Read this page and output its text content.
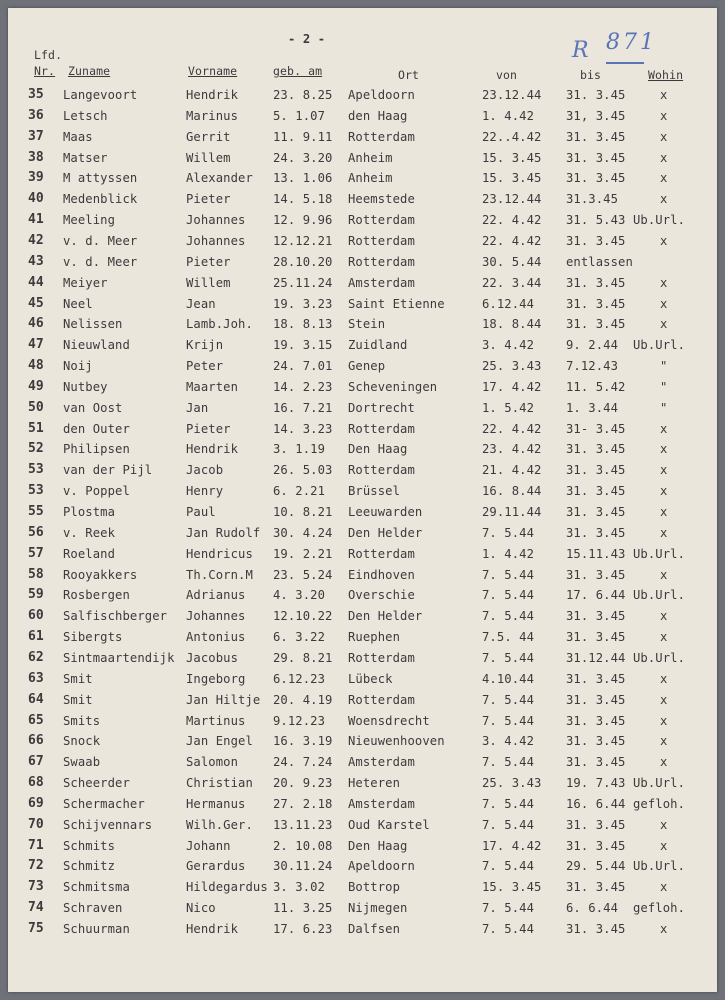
- 2 -	R 871
Lfd.
Nr. Zuname	Vorname	geb. am	Ort	von	bis	Wohin
35 Langevoort	Hendrik	23. 8.25 Apeldoorn	23.12.44 31. 3.45	x
36 Letsch	Marinus	5. 1.07 den Haag	1. 4.42	31, 3.45	x
37 Maas	Gerrit	11. 9.11 Rotterdam	22..4.42 31. 3.45	x
38 Matser	Willem	24. 3.20 Anheim	15. 3.45 31. 3.45	x
39 M attyssen	Alexander 13. 1.06 Anheim	15. 3.45 31. 3.45	x
40 Medenblick	Pieter	14. 5.18 Heemstede	23.12.44 31.3.45	x
41 Meeling	Johannes 12. 9.96 Rotterdam	22. 4.42 31. 5.43 Ub.Url.
42 v. d. Meer	Johannes 12.12.21 Rotterdam	22. 4.42 31. 3.45	x
43 v. d. Meer	Pieter	28.10.20 Rotterdam	30. 5.44 entlassen
44 Meiyer	Willem	25.11.24 Amsterdam	22. 3.44 31. 3.45	x
45 Neel	Jean	19. 3.23 Saint Etienne	6.12.44	31. 3.45	x
46 Nelissen	Lamb.Joh. 18. 8.13 Stein	18. 8.44 31. 3.45	x
47 Nieuwland	Krijn	19. 3.15 Zuidland	3. 4.42	9. 2.44 Ub.Url.
48 Noij	Peter	24. 7.01 Genep	25. 3.43 7.12.43	"
49 Nutbey	Maarten	14. 2.23 Scheveningen	17. 4.42 11. 5.42	"
50 van Oost	Jan	16. 7.21 Dortrecht	1. 5.42	1. 3.44	"
51 den Outer	Pieter	14. 3.23 Rotterdam	22. 4.42 31- 3.45	x
52 Philipsen	Hendrik	3. 1.19 Den Haag	23. 4.42 31. 3.45	x
53 van der Pijl	Jacob	26. 5.03 Rotterdam	21. 4.42 31. 3.45	x
53 v. Poppel	Henry	6. 2.21 Brüssel	16. 8.44 31. 3.45	x
55 Plostma	Paul	10. 8.21 Leeuwarden	29.11.44 31. 3.45	x
56 v. Reek	Jan Rudolf 30. 4.24 Den Helder	7. 5.44	31. 3.45	x
57 Roeland	Hendricus 19. 2.21 Rotterdam	1. 4.42	15.11.43 Ub.Url.
58 Rooyakkers	Th.Corn.M 23. 5.24 Eindhoven	7. 5.44	31. 3.45	x
59 Rosbergen	Adrianus 4. 3.20 Overschie	7. 5.44	17. 6.44 Ub.Url.
60 Salfischberger Johannes 12.10.22 Den Helder	7. 5.44	31. 3.45	x
61 Sibergts	Antonius 6. 3.22 Ruephen	7.5. 44	31. 3.45	x
62 Sintmaartendijk Jacobus	29. 8.21 Rotterdam	7. 5.44	31.12.44 Ub.Url.
63 Smit	Ingeborg 6.12.23 Lübeck	4.10.44	31. 3.45	x
64 Smit	Jan Hiltje 20. 4.19 Rotterdam	7. 5.44	31. 3.45	x
65 Smits	Martinus 9.12.23 Woensdrecht	7. 5.44	31. 3.45	x
66 Snock	Jan Engel 16. 3.19 Nieuwenhooven	3. 4.42	31. 3.45	x
67 Swaab	Salomon	24. 7.24 Amsterdam	7. 5.44	31. 3.45	x
68 Scheerder	Christian 20. 9.23 Heteren	25. 3.43 19. 7.43 Ub.Url.
69 Schermacher	Hermanus 27. 2.18 Amsterdam	7. 5.44	16. 6.44 gefloh.
70 Schijvennars	Wilh.Ger. 13.11.23 Oud Karstel	7. 5.44	31. 3.45	x
71 Schmits	Johann	2. 10.08 Den Haag	17. 4.42 31. 3.45	x
72 Schmitz	Gerardus 30.11.24 Apeldoorn	7. 5.44	29. 5.44 Ub.Url.
73 Schmitsma	Hildegardus 3. 3.02 Bottrop	15. 3.45 31. 3.45	x
74 Schraven	Nico	11. 3.25 Nijmegen	7. 5.44	6. 6.44 gefloh.
75 Schuurman	Hendrik	17. 6.23 Dalfsen	7. 5.44	31. 3.45	x
